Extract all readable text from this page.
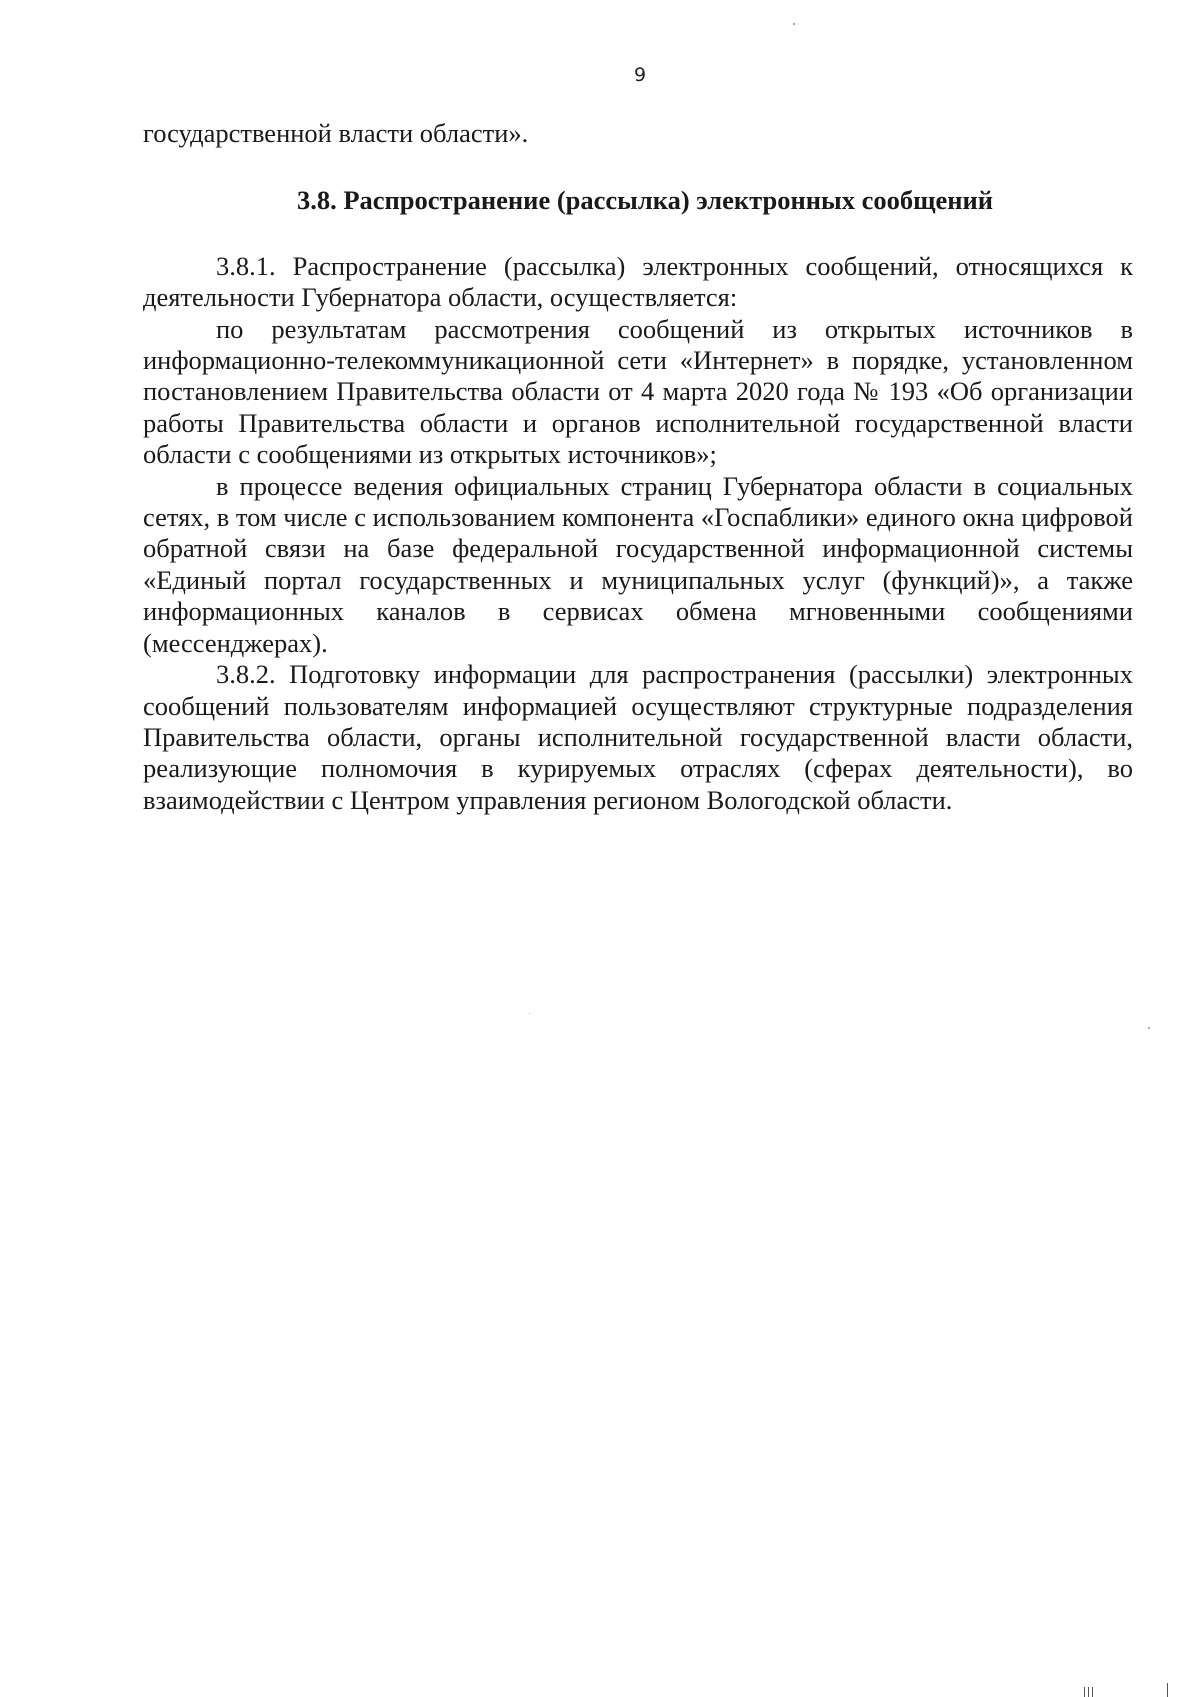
9

государственной власти области».

3.8. Распространение (рассылка) электронных сообщений

3.8.1. Распространение (рассылка) электронных сообщений, относящихся к деятельности Губернатора области, осуществляется:

по результатам рассмотрения сообщений из открытых источников в информационно-телекоммуникационной сети «Интернет» в порядке, установленном постановлением Правительства области от 4 марта 2020 года № 193 «Об организации работы Правительства области и органов исполнительной государственной власти области с сообщениями из открытых источников»;

в процессе ведения официальных страниц Губернатора области в социальных сетях, в том числе с использованием компонента «Госпаблики» единого окна цифровой обратной связи на базе федеральной государственной информационной системы «Единый портал государственных и муниципальных услуг (функций)», а также информационных каналов в сервисах обмена мгновенными сообщениями (мессенджерах).

3.8.2. Подготовку информации для распространения (рассылки) электронных сообщений пользователям информацией осуществляют структурные подразделения Правительства области, органы исполнительной государственной власти области, реализующие полномочия в курируемых отраслях (сферах деятельности), во взаимодействии с Центром управления регионом Вологодской области.
